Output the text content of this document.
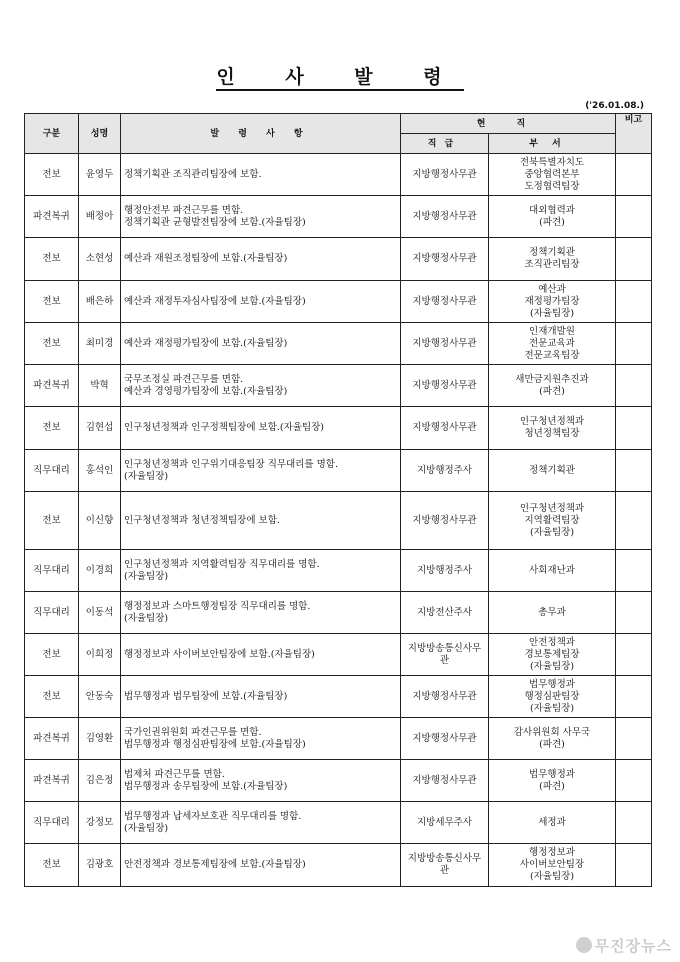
인 사 발 령
('26.01.08.)
구분	성명	발 령 사 항	현 직		비고
			직급	부서	
전보	윤영두	정책기획관 조직관리팀장에 보함.	지방행정사무관	전북특별자치도
중앙협력본부
도정협력팀장	

파견복귀	배정아	행정안전부 파견근무를 면함.
정책기획관 균형발전팀장에 보함.(자율팀장)	지방행정사무관	대외협력과
(파견)	

전보	소현성	예산과 재원조정팀장에 보함.(자율팀장)	지방행정사무관	정책기획관
조직관리팀장	

전보	배은하	예산과 재정투자심사팀장에 보함.(자율팀장)	지방행정사무관	예산과
재정평가팀장
(자율팀장)	

전보	최미경	예산과 재정평가팀장에 보함.(자율팀장)	지방행정사무관	인재개발원
전문교육과
전문교육팀장	

파견복귀	박혁	국무조정실 파견근무를 면함.
예산과 경영평가팀장에 보함.(자율팀장)	지방행정사무관	새만금지원추진과
(파견)	

전보	김현섭	인구청년정책과 인구정책팀장에 보함.(자율팀장)	지방행정사무관	인구청년정책과
청년정책팀장	

직무대리	홍석인	인구청년정책과 인구위기대응팀장 직무대리를 명함.
(자율팀장)	지방행정주사	정책기획관	

전보	이신향	인구청년정책과 청년정책팀장에 보함.	지방행정사무관	인구청년정책과
지역활력팀장
(자율팀장)	

직무대리	이경희	인구청년정책과 지역활력팀장 직무대리를 명함.
(자율팀장)	지방행정주사	사회재난과	

직무대리	이동석	행정정보과 스마트행정팀장 직무대리를 명함.
(자율팀장)	지방전산주사	총무과	

전보	이희정	행정정보과 사이버보안팀장에 보함.(자율팀장)	지방방송통신사무관	안전정책과
경보통제팀장
(자율팀장)	

전보	안동숙	법무행정과 법무팀장에 보함.(자율팀장)	지방행정사무관	법무행정과
행정심판팀장
(자율팀장)	

파견복귀	김영환	국가인권위원회 파견근무를 면함.
법무행정과 행정심판팀장에 보함.(자율팀장)	지방행정사무관	감사위원회 사무국
(파견)	

파견복귀	김은정	법제처 파견근무를 면함.
법무행정과 송무팀장에 보함.(자율팀장)	지방행정사무관	법무행정과
(파견)	

직무대리	강정모	법무행정과 납세자보호관 직무대리를 명함.
(자율팀장)	지방세무주사	세정과	

전보	김광호	안전정책과 경보통제팀장에 보함.(자율팀장)	지방방송통신사무관	행정정보과
사이버보안팀장
(자율팀장)	

무진장뉴스
